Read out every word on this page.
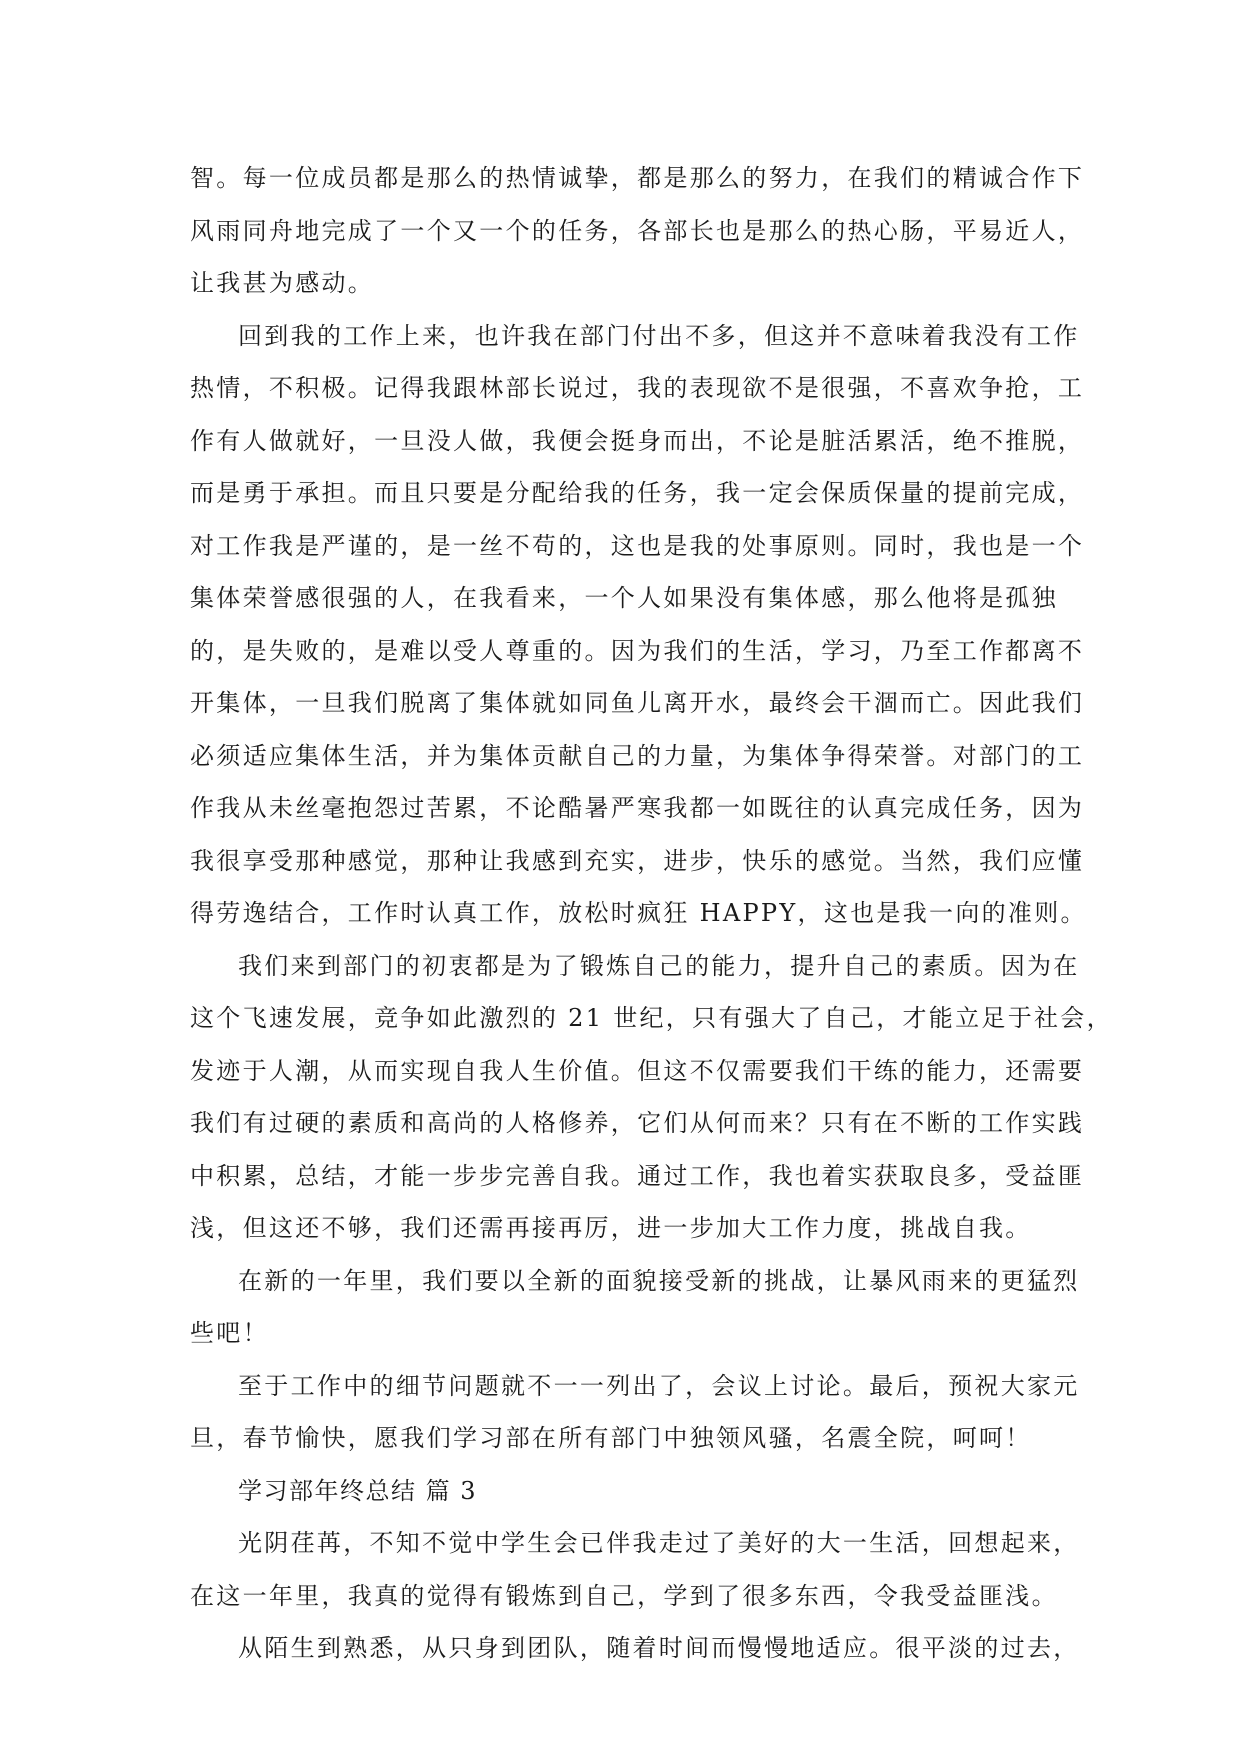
智。每一位成员都是那么的热情诚挚，都是那么的努力，在我们的精诚合作下
风雨同舟地完成了一个又一个的任务，各部长也是那么的热心肠，平易近人，
让我甚为感动。
回到我的工作上来，也许我在部门付出不多，但这并不意味着我没有工作
热情，不积极。记得我跟林部长说过，我的表现欲不是很强，不喜欢争抢，工
作有人做就好，一旦没人做，我便会挺身而出，不论是脏活累活，绝不推脱，
而是勇于承担。而且只要是分配给我的任务，我一定会保质保量的提前完成，
对工作我是严谨的，是一丝不苟的，这也是我的处事原则。同时，我也是一个
集体荣誉感很强的人，在我看来，一个人如果没有集体感，那么他将是孤独
的，是失败的，是难以受人尊重的。因为我们的生活，学习，乃至工作都离不
开集体，一旦我们脱离了集体就如同鱼儿离开水，最终会干涸而亡。因此我们
必须适应集体生活，并为集体贡献自己的力量，为集体争得荣誉。对部门的工
作我从未丝毫抱怨过苦累，不论酷暑严寒我都一如既往的认真完成任务，因为
我很享受那种感觉，那种让我感到充实，进步，快乐的感觉。当然，我们应懂
得劳逸结合，工作时认真工作，放松时疯狂 HAPPY，这也是我一向的准则。
我们来到部门的初衷都是为了锻炼自己的能力，提升自己的素质。因为在
这个飞速发展，竞争如此激烈的 21 世纪，只有强大了自己，才能立足于社会，
发迹于人潮，从而实现自我人生价值。但这不仅需要我们干练的能力，还需要
我们有过硬的素质和高尚的人格修养，它们从何而来？只有在不断的工作实践
中积累，总结，才能一步步完善自我。通过工作，我也着实获取良多，受益匪
浅，但这还不够，我们还需再接再厉，进一步加大工作力度，挑战自我。
在新的一年里，我们要以全新的面貌接受新的挑战，让暴风雨来的更猛烈
些吧！
至于工作中的细节问题就不一一列出了，会议上讨论。最后，预祝大家元
旦，春节愉快，愿我们学习部在所有部门中独领风骚，名震全院，呵呵！
学习部年终总结 篇 3
光阴荏苒，不知不觉中学生会已伴我走过了美好的大一生活，回想起来，
在这一年里，我真的觉得有锻炼到自己，学到了很多东西，令我受益匪浅。
从陌生到熟悉，从只身到团队，随着时间而慢慢地适应。很平淡的过去，
